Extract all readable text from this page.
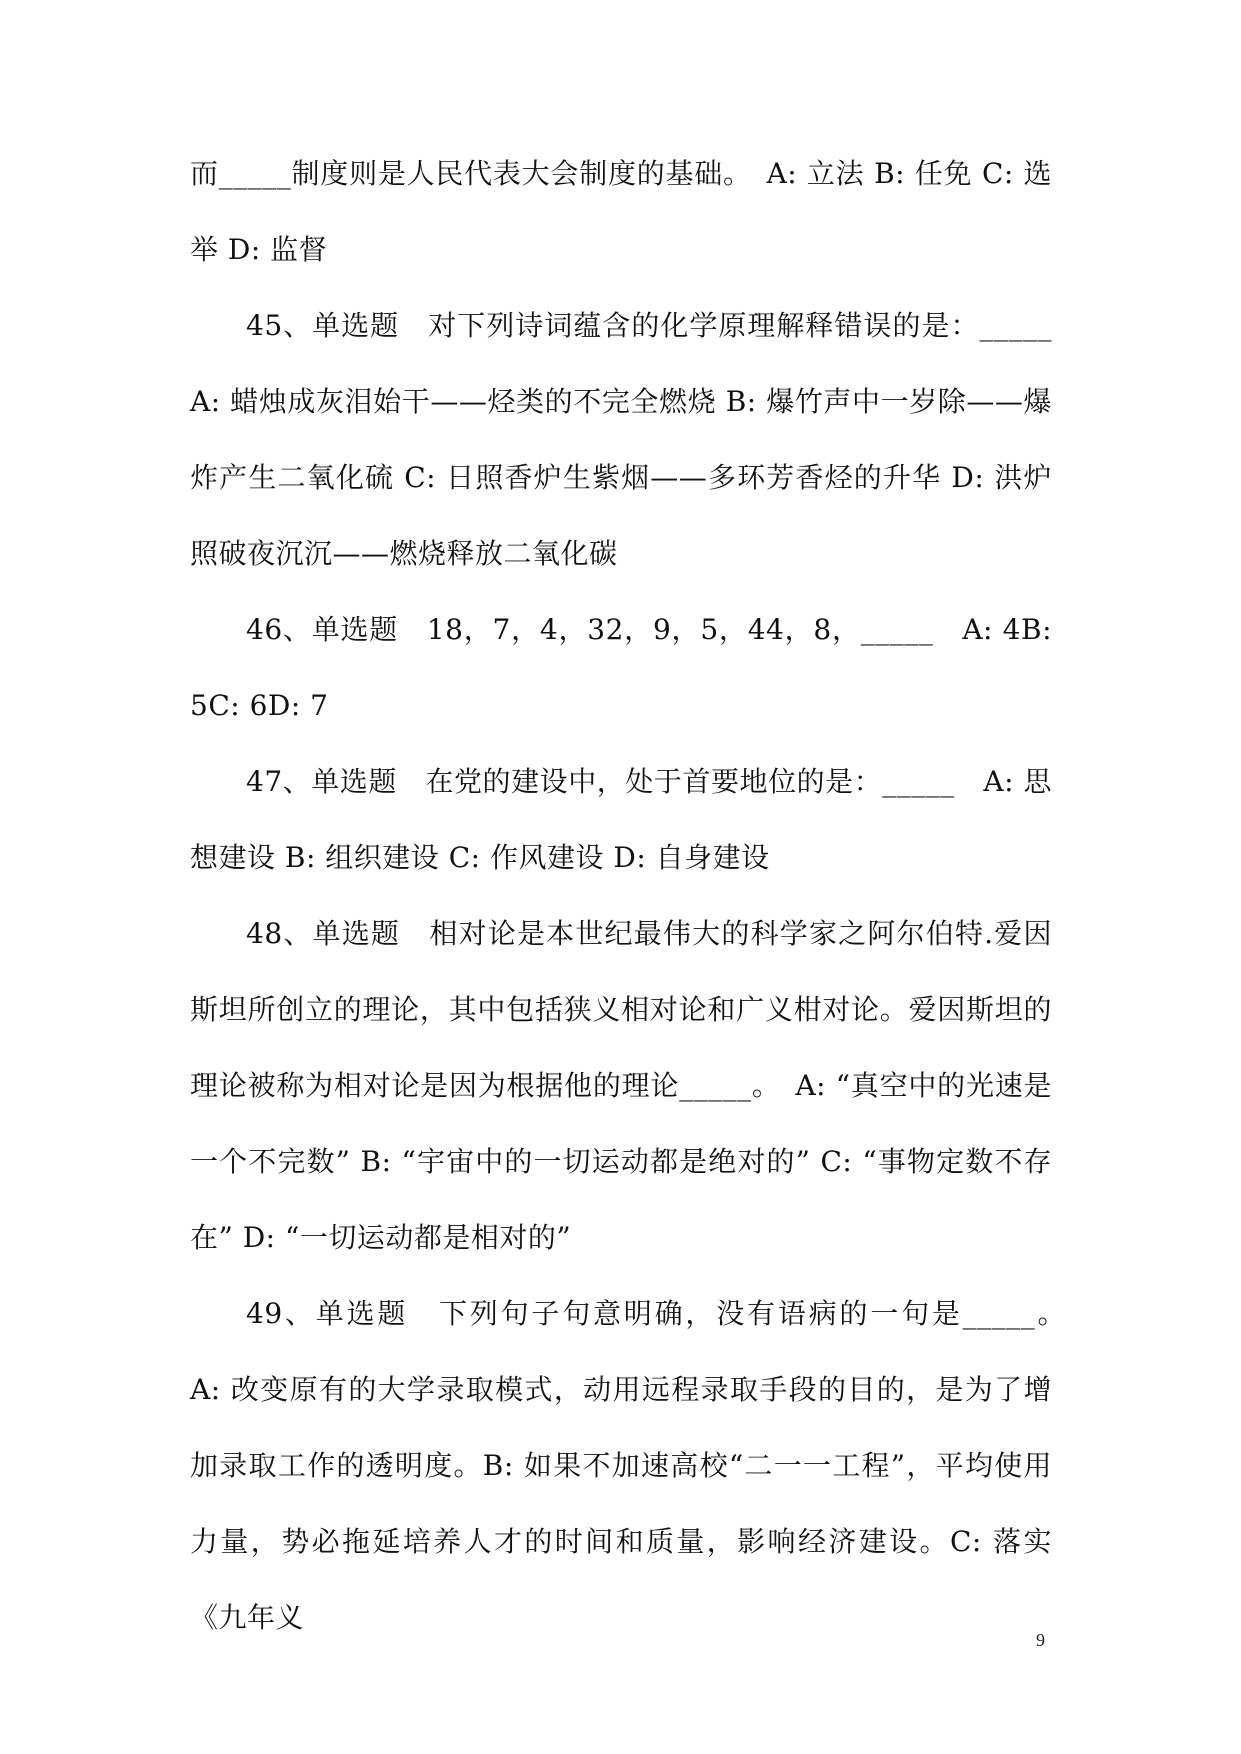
而_____制度则是人民代表大会制度的基础。　A: 立法 B: 任免 C: 选举 D: 监督

45、单选题　对下列诗词蕴含的化学原理解释错误的是：_____ A: 蜡烛成灰泪始干——烃类的不完全燃烧 B: 爆竹声中一岁除——爆炸产生二氧化硫 C: 日照香炉生紫烟——多环芳香烃的升华 D: 洪炉照破夜沉沉——燃烧释放二氧化碳

46、单选题　18，7，4，32，9，5，44，8，_____　A: 4B: 5C: 6D: 7

47、单选题　在党的建设中，处于首要地位的是：_____　A: 思想建设 B: 组织建设 C: 作风建设 D: 自身建设

48、单选题　相对论是本世纪最伟大的科学家之阿尔伯特.爱因斯坦所创立的理论，其中包括狭义相对论和广义柑对论。爱因斯坦的理论被称为相对论是因为根据他的理论_____。　A: “真空中的光速是一个不完数” B: “宇宙中的一切运动都是绝对的” C: “事物定数不存在” D: “一切运动都是相对的”

49、单选题　下列句子句意明确，没有语病的一句是_____。　A: 改变原有的大学录取模式，动用远程录取手段的目的，是为了增加录取工作的透明度。B: 如果不加速高校“二一一工程”，平均使用力量，势必拖延培养人才的时间和质量，影响经济建设。C: 落实《九年义

9
